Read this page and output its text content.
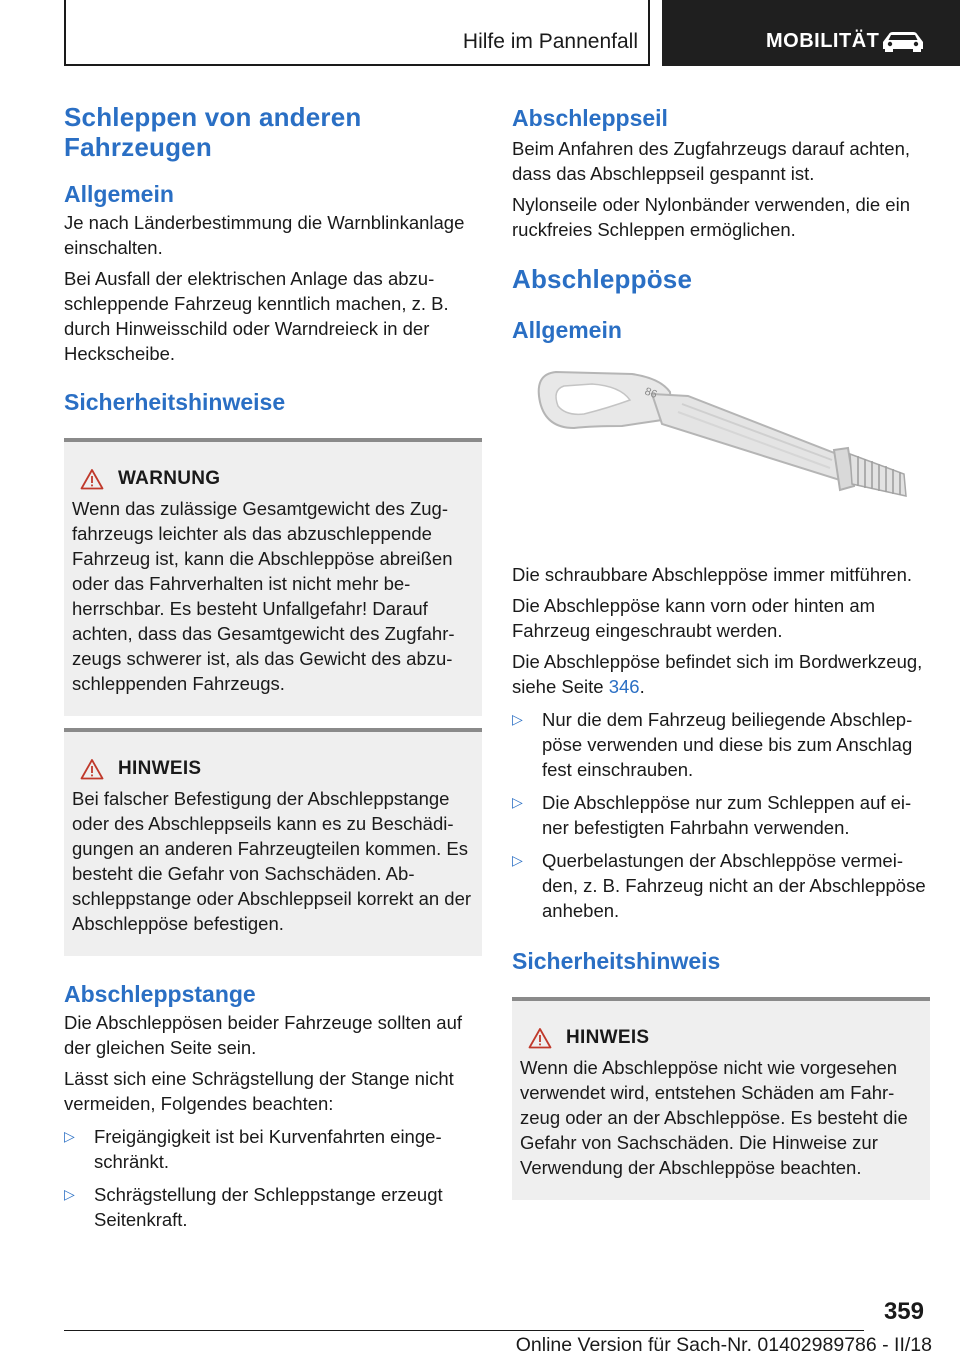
Hilfe im Pannenfall	MOBILITÄT
Schleppen von anderen Fahrzeugen
Allgemein
Je nach Länderbestimmung die Warnblinkanlage einschalten.
Bei Ausfall der elektrischen Anlage das abzuschleppende Fahrzeug kenntlich machen, z. B. durch Hinweisschild oder Warndreieck in der Heckscheibe.
Sicherheitshinweise
WARNUNG
Wenn das zulässige Gesamtgewicht des Zugfahrzeugs leichter als das abzuschleppende Fahrzeug ist, kann die Abschleppöse abreißen oder das Fahrverhalten ist nicht mehr beherrschbar. Es besteht Unfallgefahr! Darauf achten, dass das Gesamtgewicht des Zugfahrzeugs schwerer ist, als das Gewicht des abzuschleppenden Fahrzeugs.
HINWEIS
Bei falscher Befestigung der Abschleppstange oder des Abschleppseils kann es zu Beschädigungen an anderen Fahrzeugteilen kommen. Es besteht die Gefahr von Sachschäden. Abschleppstange oder Abschleppseil korrekt an der Abschleppöse befestigen.
Abschleppstange
Die Abschleppösen beider Fahrzeuge sollten auf der gleichen Seite sein.
Lässt sich eine Schrägstellung der Stange nicht vermeiden, Folgendes beachten:
▷	Freigängigkeit ist bei Kurvenfahrten eingeschränkt.
▷	Schrägstellung der Schleppstange erzeugt Seitenkraft.
Abschleppseil
Beim Anfahren des Zugfahrzeugs darauf achten, dass das Abschleppseil gespannt ist.
Nylonseile oder Nylonbänder verwenden, die ein ruckfreies Schleppen ermöglichen.
Abschleppöse
Allgemein
86
Die schraubbare Abschleppöse immer mitführen.
Die Abschleppöse kann vorn oder hinten am Fahrzeug eingeschraubt werden.
Die Abschleppöse befindet sich im Bordwerkzeug, siehe Seite 346.
▷	Nur die dem Fahrzeug beiliegende Abschleppöse verwenden und diese bis zum Anschlag fest einschrauben.
▷	Die Abschleppöse nur zum Schleppen auf einer befestigten Fahrbahn verwenden.
▷	Querbelastungen der Abschleppöse vermeiden, z. B. Fahrzeug nicht an der Abschleppöse anheben.
Sicherheitshinweis
HINWEIS
Wenn die Abschleppöse nicht wie vorgesehen verwendet wird, entstehen Schäden am Fahrzeug oder an der Abschleppöse. Es besteht die Gefahr von Sachschäden. Die Hinweise zur Verwendung der Abschleppöse beachten.
359
Online Version für Sach-Nr. 01402989786 - II/18
